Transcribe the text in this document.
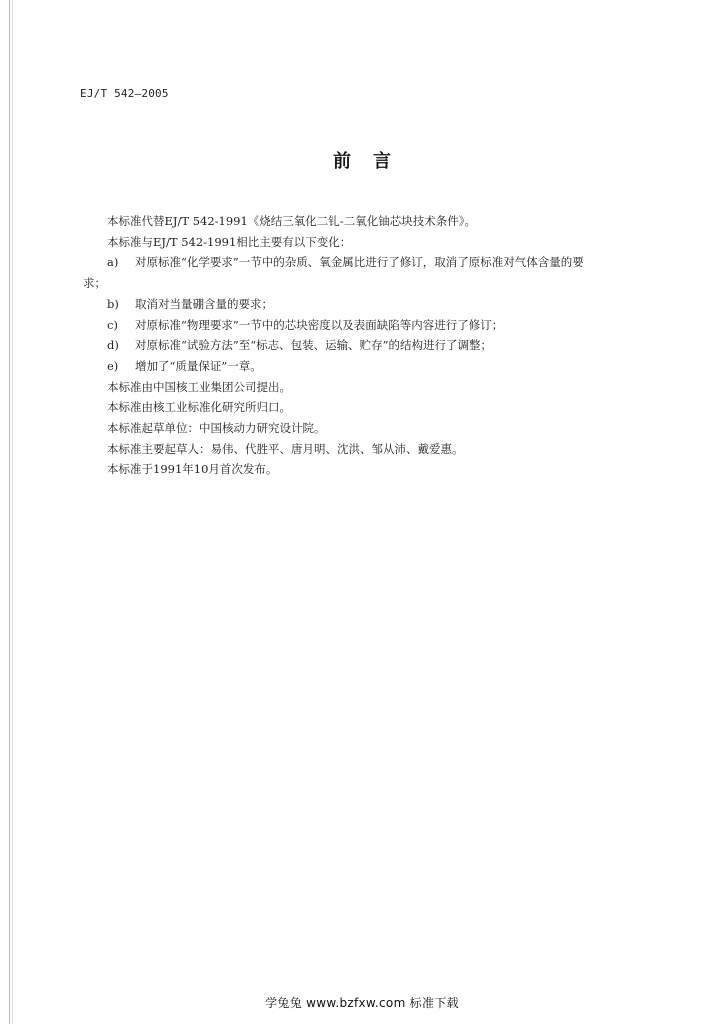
EJ/T 542—2005
前言

本标准代替EJ/T 542-1991《烧结三氧化二钆-二氧化铀芯块技术条件》。

本标准与EJ/T 542-1991相比主要有以下变化：

a) 对原标准“化学要求”一节中的杂质、氧金属比进行了修订，取消了原标准对气体含量的要

求；

b) 取消对当量硼含量的要求；

c) 对原标准“物理要求”一节中的芯块密度以及表面缺陷等内容进行了修订；

d) 对原标准“试验方法”至“标志、包装、运输、贮存”的结构进行了调整；

e) 增加了“质量保证”一章。

本标准由中国核工业集团公司提出。

本标准由核工业标准化研究所归口。

本标准起草单位：中国核动力研究设计院。

本标准主要起草人：易伟、代胜平、唐月明、沈洪、邹从沛、戴爱惠。

本标准于1991年10月首次发布。

学兔兔 www.bzfxw.com 标准下载
